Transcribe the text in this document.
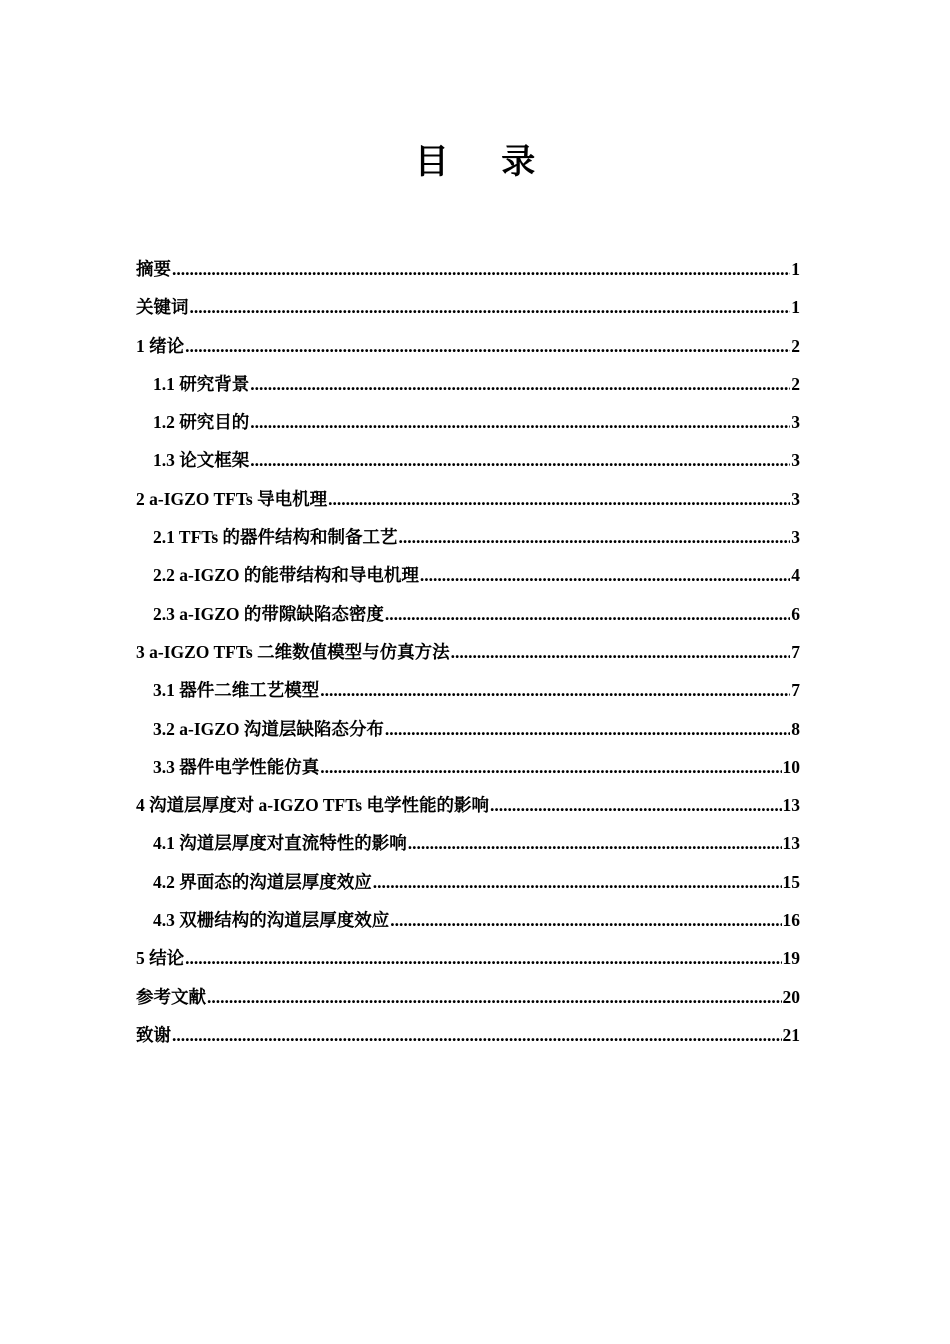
目 录
摘要 .....	1
关键词 .....	1
1 绪论 .....	2
1.1 研究背景 .....	2
1.2 研究目的 .....	3
1.3 论文框架 .....	3
2 a-IGZO TFTs 导电机理 .....	3
2.1 TFTs 的器件结构和制备工艺 .....	3
2.2 a-IGZO 的能带结构和导电机理 .....	4
2.3 a-IGZO 的带隙缺陷态密度 .....	6
3 a-IGZO TFTs 二维数值模型与仿真方法 .....	7
3.1 器件二维工艺模型 .....	7
3.2 a-IGZO 沟道层缺陷态分布 .....	8
3.3 器件电学性能仿真 .....	10
4 沟道层厚度对 a-IGZO TFTs 电学性能的影响 .....	13
4.1 沟道层厚度对直流特性的影响 .....	13
4.2 界面态的沟道层厚度效应 .....	15
4.3 双栅结构的沟道层厚度效应 .....	16
5 结论 .....	19
参考文献 .....	20
致谢 .....	21
